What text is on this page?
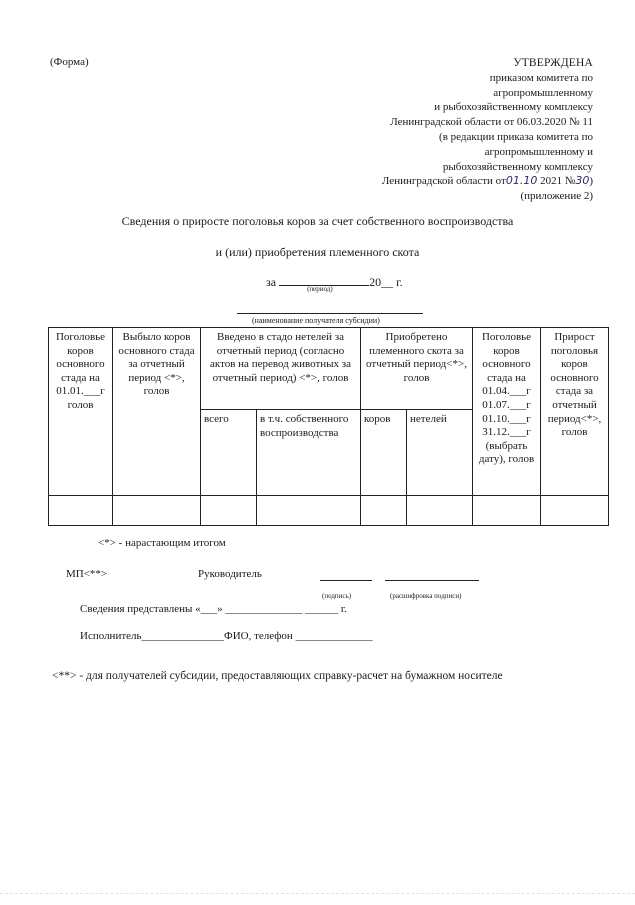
(Форма)	УТВЕРЖДЕНА
приказом комитета по
агропромышленному
и рыбохозяйственному комплексу
Ленинградской области от 06.03.2020 № 11
(в редакции приказа комитета по
агропромышленному и
рыбохозяйственному комплексу
Ленинградской области от01.10 2021 №30)
(приложение 2)
Сведения о приросте поголовья коров за счет собственного воспроизводства
и (или) приобретения племенного скота
за	(период)	20__ г.
(наименование получателя субсидии)
Поголовье коров основного стада на 01.01.___г голов	Выбыло коров основного стада за отчетный период <*>, голов	Введено в стадо нетелей за отчетный период (согласно актов на перевод животных за отчетный период) <*>, голов		Приобретено племенного скота за отчетный период<*>, голов		Поголовье коров основного стада на 01.04.___г 01.07.___г 01.10.___г 31.12.___г (выбрать дату), голов	Прирост поголовья коров основного стада за отчетный период<*>, голов
		всего	в т.ч. собственного воспроизводства	коров	нетелей		

<*> - нарастающим итогом
МП<**>	Руководитель
(подпись)	(расшифровка подписи)
Сведения представлены «___» ______________ ______ г.
Исполнитель_______________ФИО, телефон ______________
<**> - для получателей субсидии, предоставляющих справку-расчет на бумажном носителе
